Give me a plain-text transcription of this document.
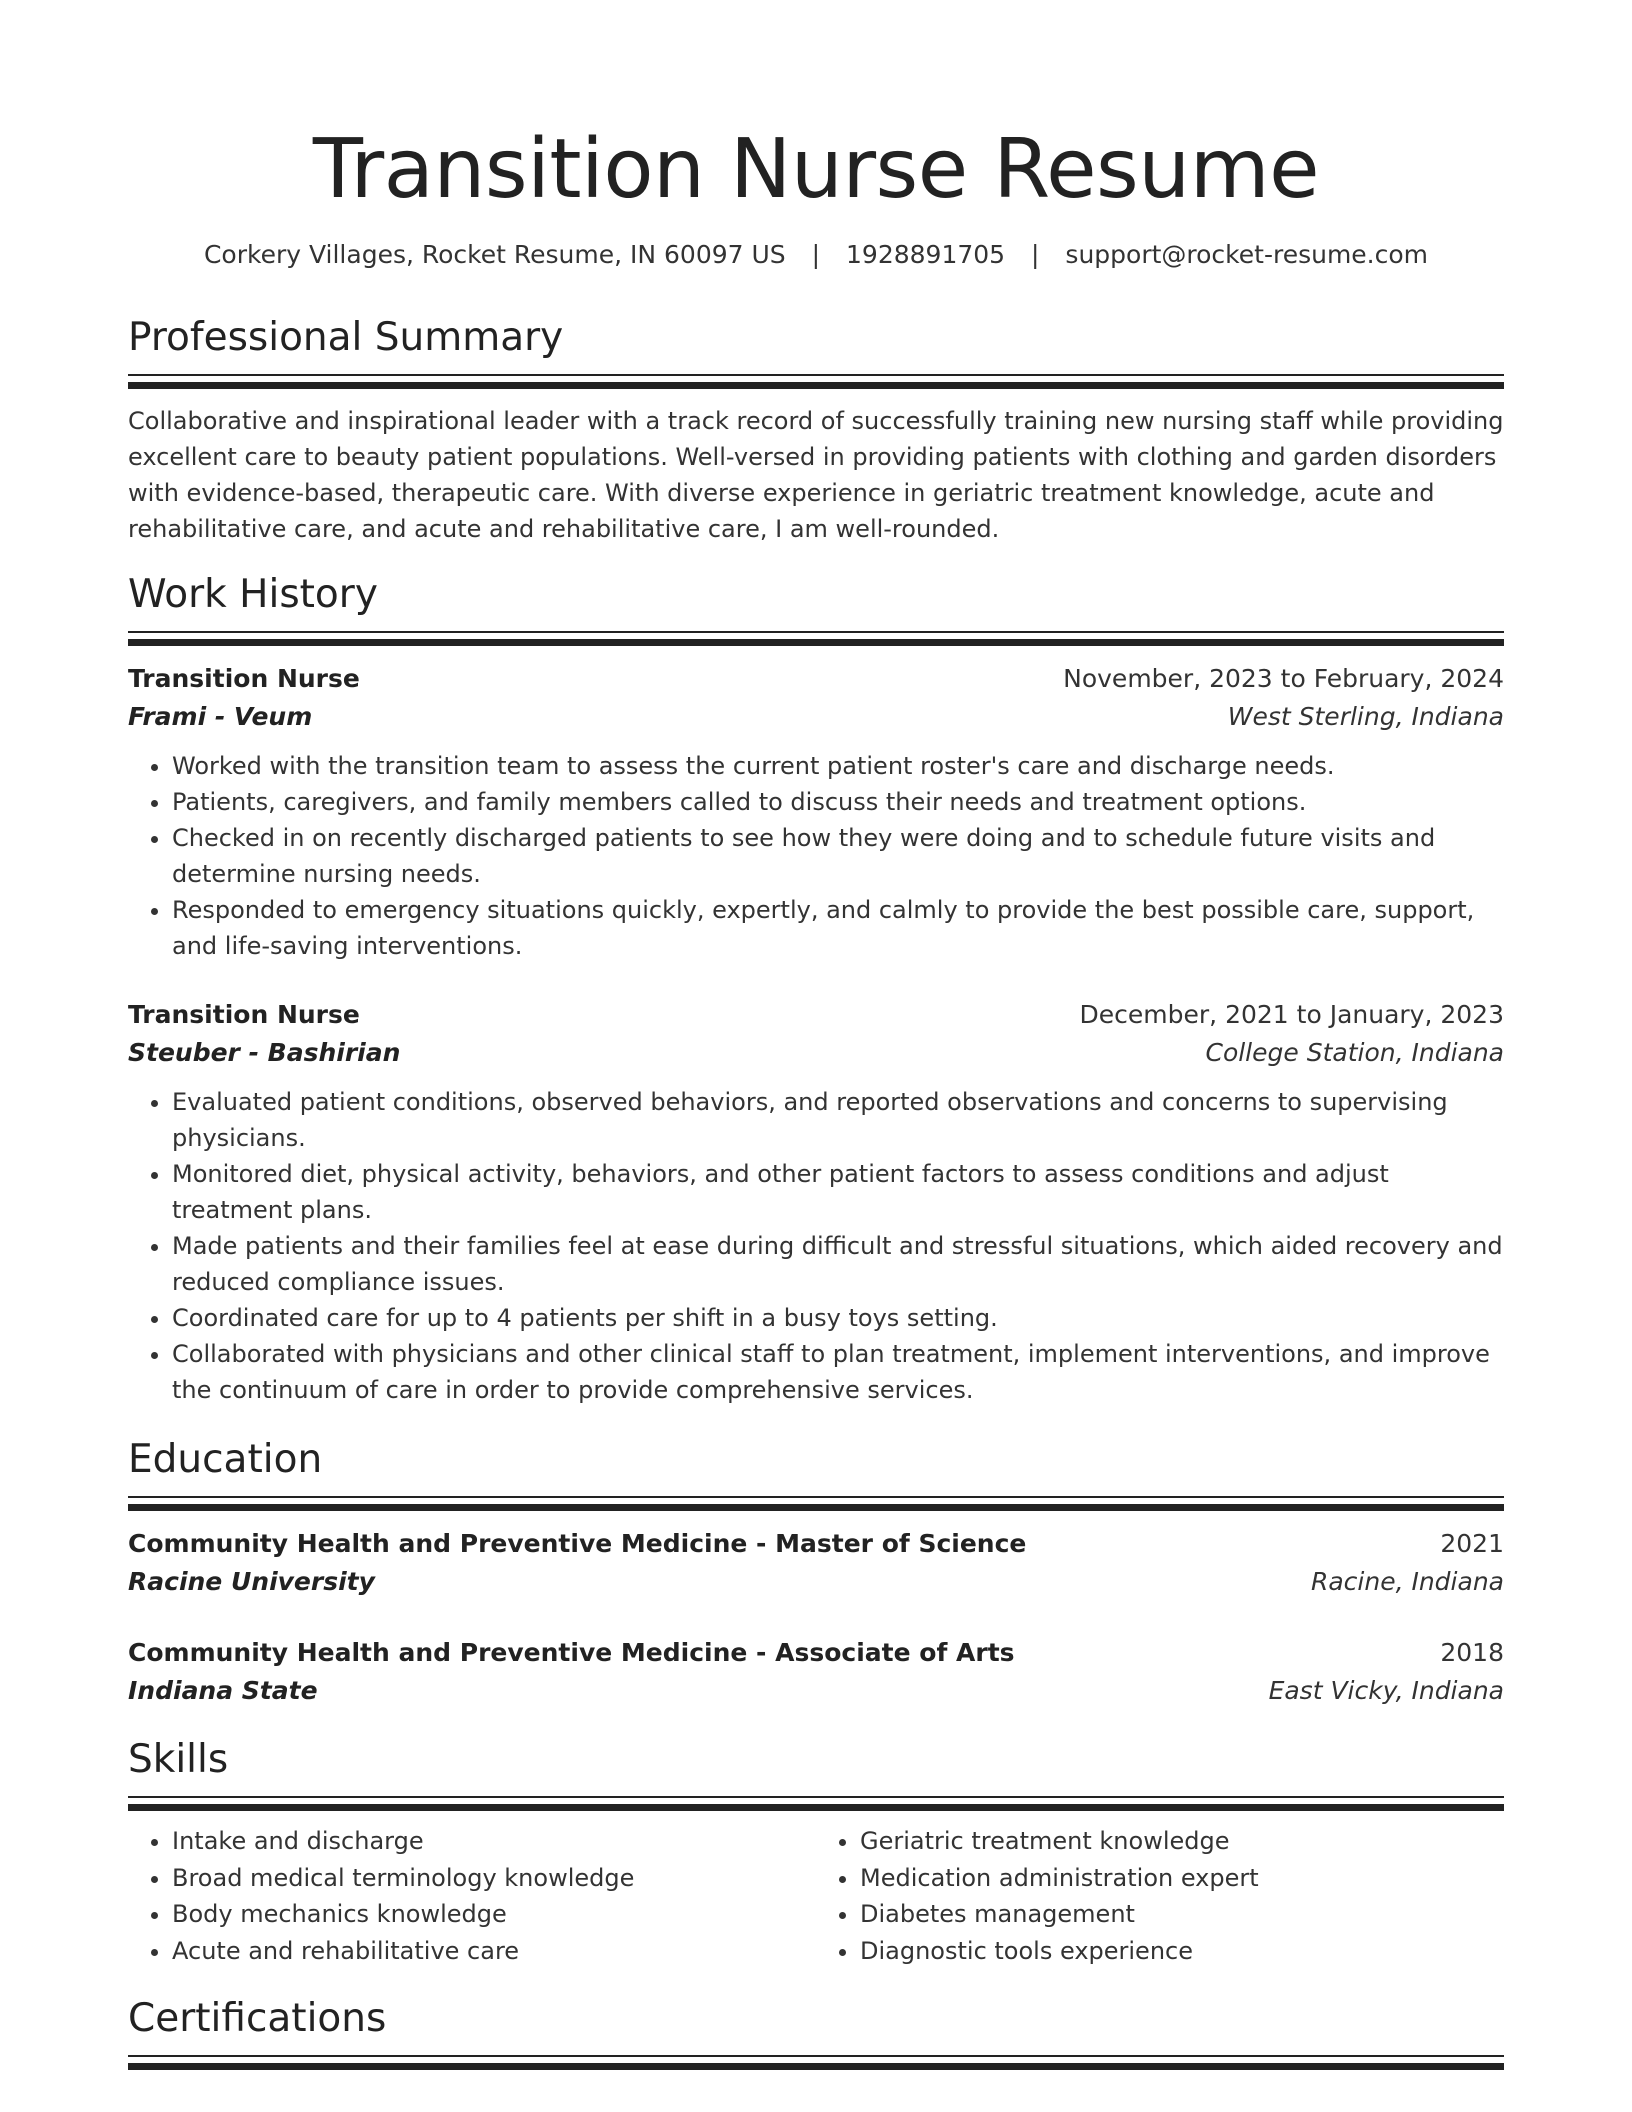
Transition Nurse Resume
Corkery Villages, Rocket Resume, IN 60097 US | 1928891705 | support@rocket-resume.com
Professional Summary

Collaborative and inspirational leader with a track record of successfully training new nursing staff while providing excellent care to beauty patient populations. Well-versed in providing patients with clothing and garden disorders with evidence-based, therapeutic care. With diverse experience in geriatric treatment knowledge, acute and rehabilitative care, and acute and rehabilitative care, I am well-rounded.

Work History
Transition Nurse	November, 2023 to February, 2024
Frami - Veum	West Sterling, Indiana
• Worked with the transition team to assess the current patient roster's care and discharge needs.
• Patients, caregivers, and family members called to discuss their needs and treatment options.
• Checked in on recently discharged patients to see how they were doing and to schedule future visits and determine nursing needs.
• Responded to emergency situations quickly, expertly, and calmly to provide the best possible care, support, and life-saving interventions.
Transition Nurse	December, 2021 to January, 2023
Steuber - Bashirian	College Station, Indiana
• Evaluated patient conditions, observed behaviors, and reported observations and concerns to supervising physicians.
• Monitored diet, physical activity, behaviors, and other patient factors to assess conditions and adjust treatment plans.
• Made patients and their families feel at ease during difficult and stressful situations, which aided recovery and reduced compliance issues.
• Coordinated care for up to 4 patients per shift in a busy toys setting.
• Collaborated with physicians and other clinical staff to plan treatment, implement interventions, and improve the continuum of care in order to provide comprehensive services.
Education
Community Health and Preventive Medicine - Master of Science	2021
Racine University	Racine, Indiana
Community Health and Preventive Medicine - Associate of Arts	2018
Indiana State	East Vicky, Indiana
Skills
• Intake and discharge
• Broad medical terminology knowledge
• Body mechanics knowledge
• Acute and rehabilitative care
• Geriatric treatment knowledge
• Medication administration expert
• Diabetes management
• Diagnostic tools experience
Certifications
